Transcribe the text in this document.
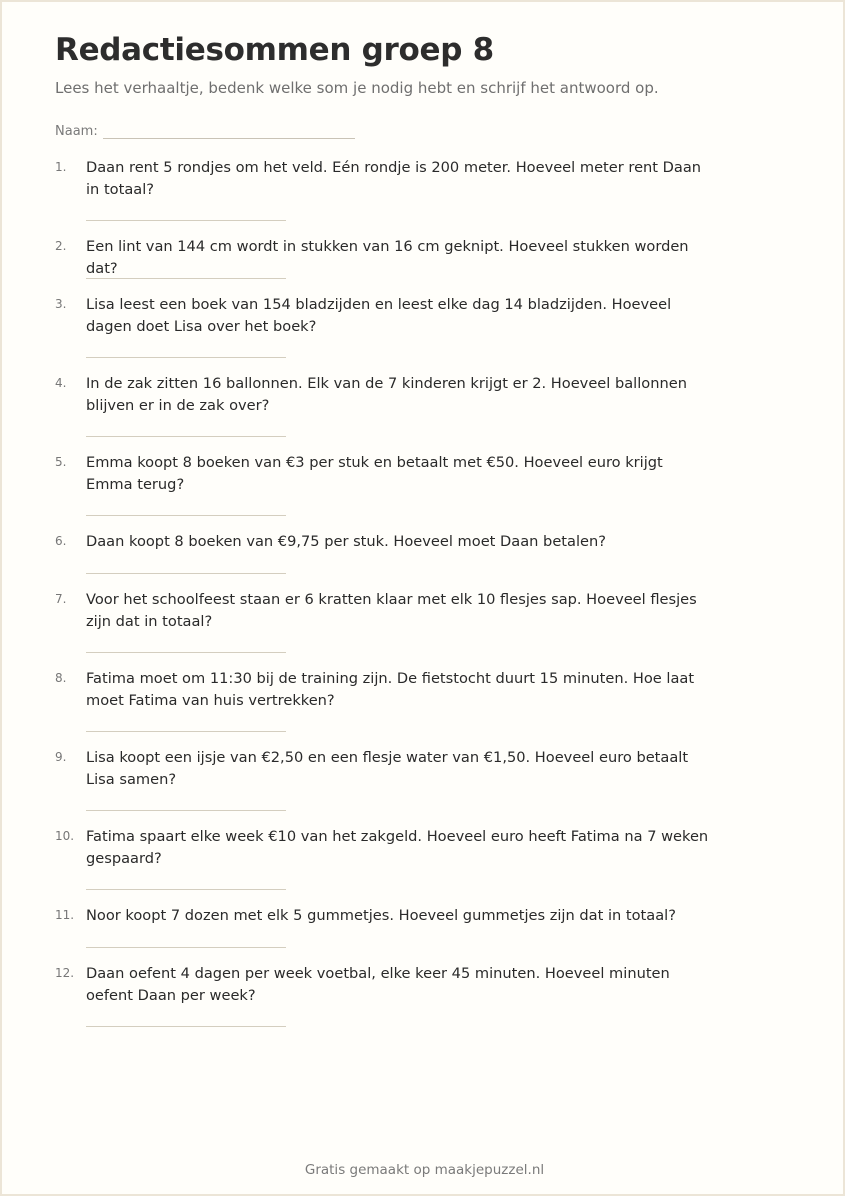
Redactiesommen groep 8

Lees het verhaaltje, bedenk welke som je nodig hebt en schrijf het antwoord op.

Naam:
1.	Daan rent 5 rondjes om het veld. Eén rondje is 200 meter. Hoeveel meter rent Daan in totaal?
2.	Een lint van 144 cm wordt in stukken van 16 cm geknipt. Hoeveel stukken worden dat?
3.	Lisa leest een boek van 154 bladzijden en leest elke dag 14 bladzijden. Hoeveel dagen doet Lisa over het boek?
4.	In de zak zitten 16 ballonnen. Elk van de 7 kinderen krijgt er 2. Hoeveel ballonnen blijven er in de zak over?
5.	Emma koopt 8 boeken van €3 per stuk en betaalt met €50. Hoeveel euro krijgt Emma terug?
6.	Daan koopt 8 boeken van €9,75 per stuk. Hoeveel moet Daan betalen?
7.	Voor het schoolfeest staan er 6 kratten klaar met elk 10 flesjes sap. Hoeveel flesjes zijn dat in totaal?
8.	Fatima moet om 11:30 bij de training zijn. De fietstocht duurt 15 minuten. Hoe laat moet Fatima van huis vertrekken?
9.	Lisa koopt een ijsje van €2,50 en een flesje water van €1,50. Hoeveel euro betaalt Lisa samen?
10. Fatima spaart elke week €10 van het zakgeld. Hoeveel euro heeft Fatima na 7 weken gespaard?
11. Noor koopt 7 dozen met elk 5 gummetjes. Hoeveel gummetjes zijn dat in totaal?
12. Daan oefent 4 dagen per week voetbal, elke keer 45 minuten. Hoeveel minuten oefent Daan per week?
Gratis gemaakt op maakjepuzzel.nl
